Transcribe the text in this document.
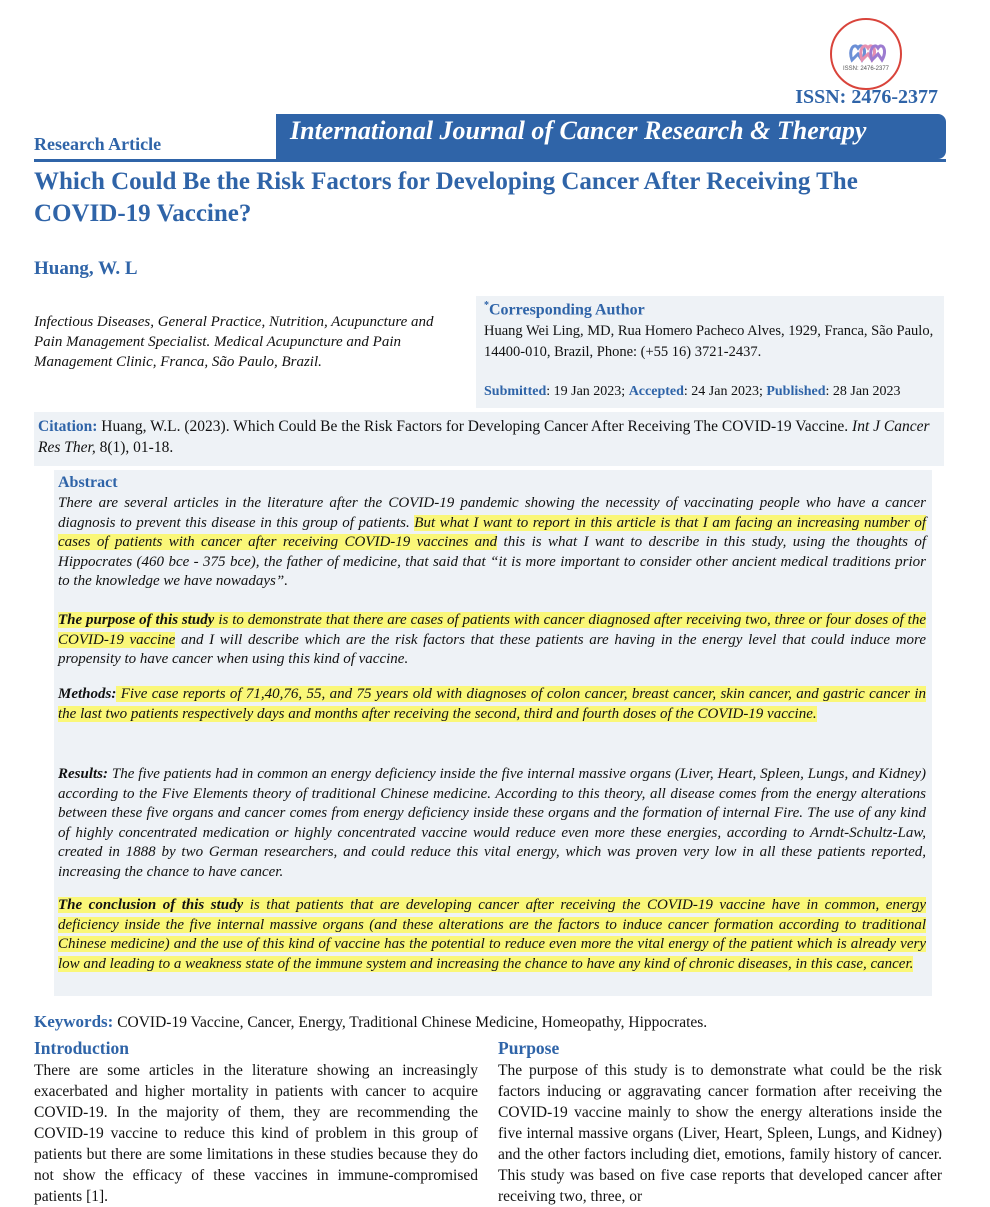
ISSN: 2476-2377
ISSN: 2476-2377
Research Article	International Journal of Cancer Research & Therapy
Which Could Be the Risk Factors for Developing Cancer After Receiving The COVID-19 Vaccine?
Huang, W. L
Infectious Diseases, General Practice, Nutrition, Acupuncture and Pain Management Specialist. Medical Acupuncture and Pain Management Clinic, Franca, São Paulo, Brazil.
*Corresponding Author
Huang Wei Ling, MD, Rua Homero Pacheco Alves, 1929, Franca, São Paulo, 14400-010, Brazil, Phone: (+55 16) 3721-2437.
Submitted: 19 Jan 2023; Accepted: 24 Jan 2023; Published: 28 Jan 2023
Citation: Huang, W.L. (2023). Which Could Be the Risk Factors for Developing Cancer After Receiving The COVID-19 Vaccine. Int J Cancer Res Ther, 8(1), 01-18.
Abstract
There are several articles in the literature after the COVID-19 pandemic showing the necessity of vaccinating people who have a cancer diagnosis to prevent this disease in this group of patients. But what I want to report in this article is that I am facing an increasing number of cases of patients with cancer after receiving COVID-19 vaccines and this is what I want to describe in this study, using the thoughts of Hippocrates (460 bce - 375 bce), the father of medicine, that said that “it is more important to consider other ancient medical traditions prior to the knowledge we have nowadays”.
The purpose of this study is to demonstrate that there are cases of patients with cancer diagnosed after receiving two, three or four doses of the COVID-19 vaccine and I will describe which are the risk factors that these patients are having in the energy level that could induce more propensity to have cancer when using this kind of vaccine.
Methods: Five case reports of 71,40,76, 55, and 75 years old with diagnoses of colon cancer, breast cancer, skin cancer, and gastric cancer in the last two patients respectively days and months after receiving the second, third and fourth doses of the COVID-19 vaccine.
Results: The five patients had in common an energy deficiency inside the five internal massive organs (Liver, Heart, Spleen, Lungs, and Kidney) according to the Five Elements theory of traditional Chinese medicine. According to this theory, all disease comes from the energy alterations between these five organs and cancer comes from energy deficiency inside these organs and the formation of internal Fire. The use of any kind of highly concentrated medication or highly concentrated vaccine would reduce even more these energies, according to Arndt-Schultz-Law, created in 1888 by two German researchers, and could reduce this vital energy, which was proven very low in all these patients reported, increasing the chance to have cancer.
The conclusion of this study is that patients that are developing cancer after receiving the COVID-19 vaccine have in common, energy deficiency inside the five internal massive organs (and these alterations are the factors to induce cancer formation according to traditional Chinese medicine) and the use of this kind of vaccine has the potential to reduce even more the vital energy of the patient which is already very low and leading to a weakness state of the immune system and increasing the chance to have any kind of chronic diseases, in this case, cancer.
Keywords: COVID-19 Vaccine, Cancer, Energy, Traditional Chinese Medicine, Homeopathy, Hippocrates.
Introduction
There are some articles in the literature showing an increasingly exacerbated and higher mortality in patients with cancer to acquire COVID-19. In the majority of them, they are recommending the COVID-19 vaccine to reduce this kind of problem in this group of patients but there are some limitations in these studies because they do not show the efficacy of these vaccines in immune-compromised patients [1].
Purpose
The purpose of this study is to demonstrate what could be the risk factors inducing or aggravating cancer formation after receiving the COVID-19 vaccine mainly to show the energy alterations inside the five internal massive organs (Liver, Heart, Spleen, Lungs, and Kidney) and the other factors including diet, emotions, family history of cancer. This study was based on five case reports that developed cancer after receiving two, three, or
